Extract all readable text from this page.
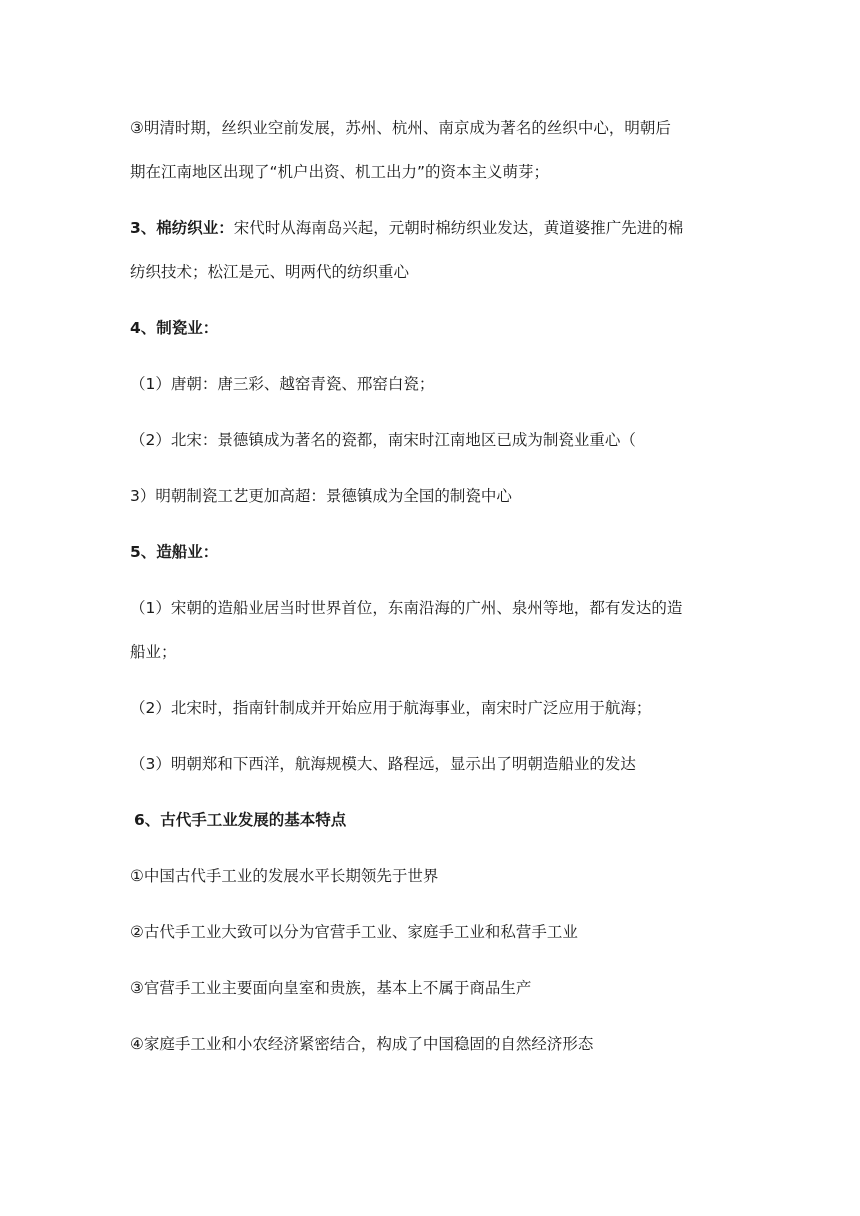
③明清时期，丝织业空前发展，苏州、杭州、南京成为著名的丝织中心，明朝后
期在江南地区出现了“机户出资、机工出力”的资本主义萌芽；
3、棉纺织业：宋代时从海南岛兴起，元朝时棉纺织业发达，黄道婆推广先进的棉
纺织技术；松江是元、明两代的纺织重心
4、制瓷业：
（1）唐朝：唐三彩、越窑青瓷、邢窑白瓷；
（2）北宋：景德镇成为著名的瓷都，南宋时江南地区已成为制瓷业重心（
3）明朝制瓷工艺更加高超：景德镇成为全国的制瓷中心
5、造船业：
（1）宋朝的造船业居当时世界首位，东南沿海的广州、泉州等地，都有发达的造
船业；
（2）北宋时，指南针制成并开始应用于航海事业，南宋时广泛应用于航海；
（3）明朝郑和下西洋，航海规模大、路程远，显示出了明朝造船业的发达
6、古代手工业发展的基本特点
①中国古代手工业的发展水平长期领先于世界
②古代手工业大致可以分为官营手工业、家庭手工业和私营手工业
③官营手工业主要面向皇室和贵族，基本上不属于商品生产
④家庭手工业和小农经济紧密结合，构成了中国稳固的自然经济形态
